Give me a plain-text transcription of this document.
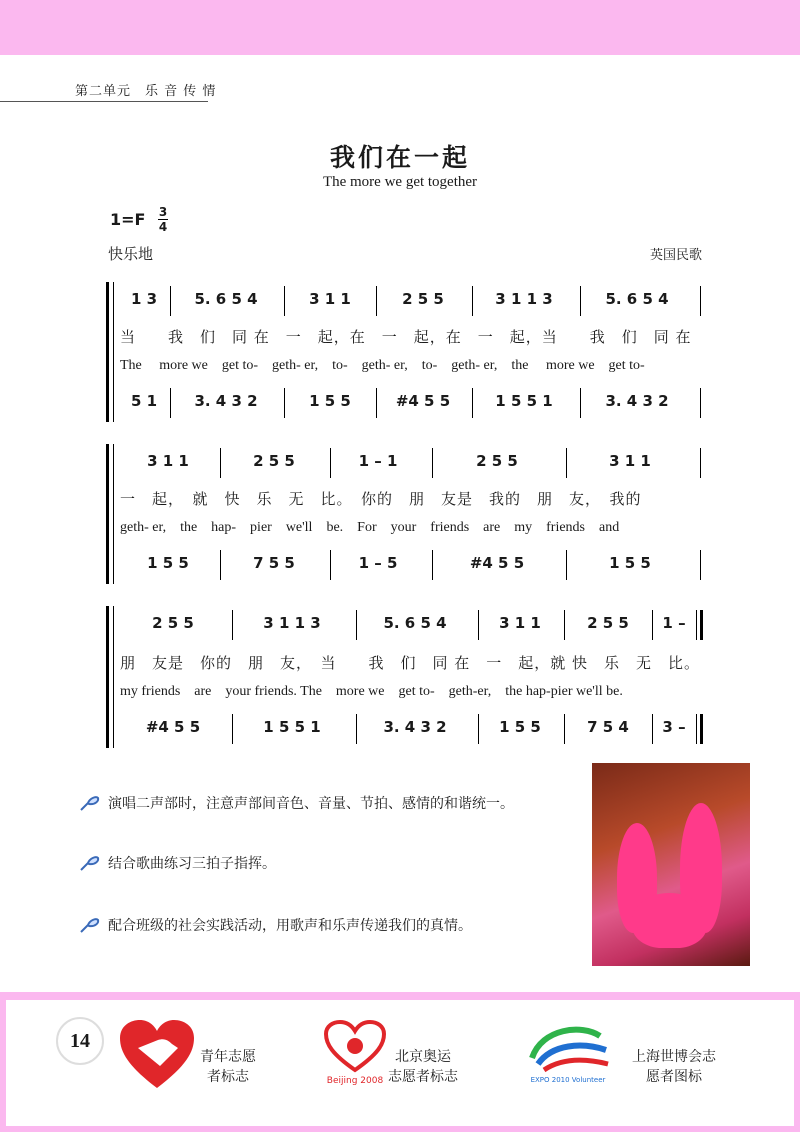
第二单元　乐 音 传 情
我们在一起
The more we get together
1=F 3
4
快乐地	英国民歌
1 3	5. 6 5 4	3 1 1	2 5 5	3 1 1 3	5. 6 5 4
当　　我　们　同 在　一　起，在　一　起，在　一　起，当　　我　们　同 在
The　 more we　get to-　geth- er,　to-　geth- er,　to-　geth- er,　the　 more we　get to-
5 1	3. 4 3 2	1 5 5	#4 5 5	1 5 5 1	3. 4 3 2
3 1 1	2 5 5	1 – 1	2 5 5	3 1 1
一　起，　就　快　乐　无　比。　你的　朋　友是　我的　朋　友，　我的
geth- er,　the　hap-　pier　we'll　be.　For　your　friends　are　my　friends　and
1 5 5	7 5 5	1 – 5	#4 5 5	1 5 5
2 5 5	3 1 1 3	5. 6 5 4	3 1 1	2 5 5	1 –
朋　友是　你的　朋　友，　当　　我　们　同 在　一　起，就 快　乐　无　比。
my friends　are　your friends. The　more we　get to-　geth-er,　the hap-pier we'll be.
#4 5 5	1 5 5 1	3. 4 3 2	1 5 5	7 5 4	3 –
演唱二声部时，注意声部间音色、音量、节拍、感情的和谐统一。
结合歌曲练习三拍子指挥。
配合班级的社会实践活动，用歌声和乐声传递我们的真情。
14
青年志愿
者标志	Beijing 2008
北京奥运
志愿者标志	EXPO 2010 Volunteer
上海世博会志
愿者图标
